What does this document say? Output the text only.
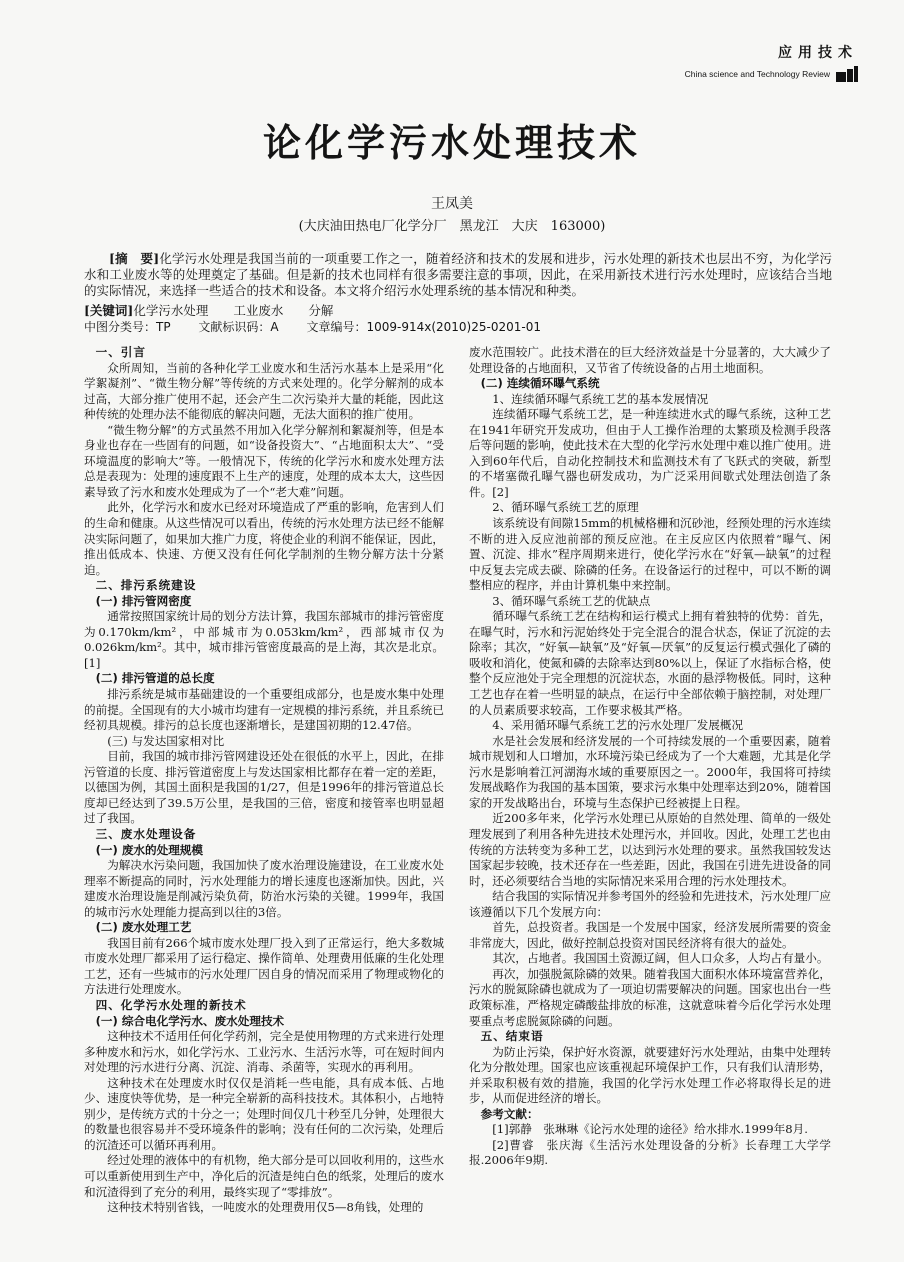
应用技术
China science and Technology Review
论化学污水处理技术
王凤美
(大庆油田热电厂化学分厂　黑龙江　大庆　163000)
[摘　要]化学污水处理是我国当前的一项重要工作之一，随着经济和技术的发展和进步，污水处理的新技术也层出不穷，为化学污水和工业废水等的处理奠定了基础。但是新的技术也同样有很多需要注意的事项，因此，在采用新技术进行污水处理时，应该结合当地的实际情况，来选择一些适合的技术和设备。本文将介绍污水处理系统的基本情况和种类。
[关键词]化学污水处理　　工业废水　　分解
中图分类号：TP 文献标识码：A 文章编号：1009-914x(2010)25-0201-01

一、引言

众所周知，当前的各种化学工业废水和生活污水基本上是采用“化学絮凝剂”、“微生物分解”等传统的方式来处理的。化学分解剂的成本过高，大部分推广使用不起，还会产生二次污染并大量的耗能，因此这种传统的处理办法不能彻底的解决问题，无法大面积的推广使用。

“微生物分解”的方式虽然不用加入化学分解剂和絮凝剂等，但是本身业也存在一些固有的问题，如“设备投资大”、“占地面积太大”、“受环境温度的影响大”等。一般情况下，传统的化学污水和废水处理方法总是表现为：处理的速度跟不上生产的速度，处理的成本太大，这些因素导致了污水和废水处理成为了一个“老大难”问题。

此外，化学污水和废水已经对环境造成了严重的影响，危害到人们的生命和健康。从这些情况可以看出，传统的污水处理方法已经不能解决实际问题了，如果加大推广力度，将使企业的利润不能保证，因此，推出低成本、快速、方便又没有任何化学制剂的生物分解方法十分紧迫。

二、排污系统建设

(一) 排污管网密度

通常按照国家统计局的划分方法计算，我国东部城市的排污管密度为0.170km/km²，中部城市为0.053km/km²，西部城市仅为0.026km/km²。其中，城市排污管密度最高的是上海，其次是北京。[1]

(二) 排污管道的总长度

排污系统是城市基础建设的一个重要组成部分，也是废水集中处理的前提。全国现有的大小城市均建有一定规模的排污系统，并且系统已经初具规模。排污的总长度也逐渐增长，是建国初期的12.47倍。

(三) 与发达国家相对比

目前，我国的城市排污管网建设还处在很低的水平上，因此，在排污管道的长度、排污管道密度上与发达国家相比都存在着一定的差距，以德国为例，其国土面积是我国的1/27，但是1996年的排污管道总长度却已经达到了39.5万公里，是我国的三倍，密度和接管率也明显超过了我国。

三、废水处理设备

(一) 废水的处理规模

为解决水污染问题，我国加快了废水治理设施建设，在工业废水处理率不断提高的同时，污水处理能力的增长速度也逐渐加快。因此，兴建废水治理设施是削减污染负荷，防治水污染的关键。1999年，我国的城市污水处理能力提高到以往的3倍。

(二) 废水处理工艺

我国目前有266个城市废水处理厂投入到了正常运行，绝大多数城市废水处理厂都采用了运行稳定、操作简单、处理费用低廉的生化处理工艺，还有一些城市的污水处理厂因自身的情况而采用了物理或物化的方法进行处理废水。

四、化学污水处理的新技术

(一) 综合电化学污水、废水处理技术

这种技术不适用任何化学药剂，完全是使用物理的方式来进行处理多种废水和污水，如化学污水、工业污水、生活污水等，可在短时间内对处理的污水进行分离、沉淀、消毒、杀菌等，实现水的再利用。

这种技术在处理废水时仅仅是消耗一些电能，具有成本低、占地少、速度快等优势，是一种完全崭新的高科技技术。其体积小，占地特别少，是传统方式的十分之一；处理时间仅几十秒至几分钟，处理很大的数量也很容易并不受环境条件的影响；没有任何的二次污染，处理后的沉渣还可以循环再利用。

经过处理的液体中的有机物，绝大部分是可以回收利用的，这些水可以重新使用到生产中，净化后的沉渣是纯白色的纸浆，处理后的废水和沉渣得到了充分的利用，最终实现了“零排放”。

这种技术特别省钱，一吨废水的处理费用仅5—8角钱，处理的

废水范围较广。此技术潜在的巨大经济效益是十分显著的，大大减少了处理设备的占地面积，又节省了传统设备的占用土地面积。

(二) 连续循环曝气系统

1、连续循环曝气系统工艺的基本发展情况

连续循环曝气系统工艺，是一种连续进水式的曝气系统，这种工艺在1941年研究开发成功，但由于人工操作治理的太繁琐及检测手段落后等问题的影响，使此技术在大型的化学污水处理中难以推广使用。进入到60年代后，自动化控制技术和监测技术有了飞跃式的突破，新型的不堵塞微孔曝气器也研发成功，为广泛采用间歇式处理法创造了条件。[2]

2、循环曝气系统工艺的原理

该系统设有间隙15mm的机械格栅和沉砂池，经预处理的污水连续不断的进入反应池前部的预反应池。在主反应区内依照着“曝气、闲置、沉淀、排水”程序周期来进行，使化学污水在“好氧—缺氧”的过程中反复去完成去碳、除磷的任务。在设备运行的过程中，可以不断的调整相应的程序，并由计算机集中来控制。

3、循环曝气系统工艺的优缺点

循环曝气系统工艺在结构和运行模式上拥有着独特的优势：首先，在曝气时，污水和污泥始终处于完全混合的混合状态，保证了沉淀的去除率；其次，“好氧—缺氧”及“好氧—厌氧”的反复运行模式强化了磷的吸收和消化，使氮和磷的去除率达到80%以上，保证了水指标合格，使整个反应池处于完全理想的沉淀状态，水面的悬浮物极低。同时，这种工艺也存在着一些明显的缺点，在运行中全部依赖于脑控制，对处理厂的人员素质要求较高，工作要求极其严格。

4、采用循环曝气系统工艺的污水处理厂发展概况

水是社会发展和经济发展的一个可持续发展的一个重要因素，随着城市规划和人口增加，水环境污染已经成为了一个大难题，尤其是化学污水是影响着江河湖海水域的重要原因之一。2000年，我国将可持续发展战略作为我国的基本国策，要求污水集中处理率达到20%，随着国家的开发战略出台，环境与生态保护已经被提上日程。

近200多年来，化学污水处理已从原始的自然处理、简单的一级处理发展到了利用各种先进技术处理污水，并回收。因此，处理工艺也由传统的方法转变为多种工艺，以达到污水处理的要求。虽然我国较发达国家起步较晚，技术还存在一些差距，因此，我国在引进先进设备的同时，还必须要结合当地的实际情况来采用合理的污水处理技术。

结合我国的实际情况并参考国外的经验和先进技术，污水处理厂应该遵循以下几个发展方向：

首先，总投资者。我国是一个发展中国家，经济发展所需要的资金非常庞大，因此，做好控制总投资对国民经济将有很大的益处。

其次，占地者。我国国土资源辽阔，但人口众多，人均占有量小。

再次，加强脱氮除磷的效果。随着我国大面积水体环境富营养化，污水的脱氮除磷也就成为了一项迫切需要解决的问题。国家也出台一些政策标准，严格规定磷酸盐排放的标准，这就意味着今后化学污水处理要重点考虑脱氮除磷的问题。

五、结束语

为防止污染，保护好水资源，就要建好污水处理站，由集中处理转化为分散处理。国家也应该重视起环境保护工作，只有我们认清形势，并采取积极有效的措施，我国的化学污水处理工作必将取得长足的进步，从而促进经济的增长。

参考文献：

[1]郭静　张琳琳《论污水处理的途径》给水排水.1999年8月.

[2]曹睿　张庆海《生活污水处理设备的分析》长春理工大学学报.2006年9期.
